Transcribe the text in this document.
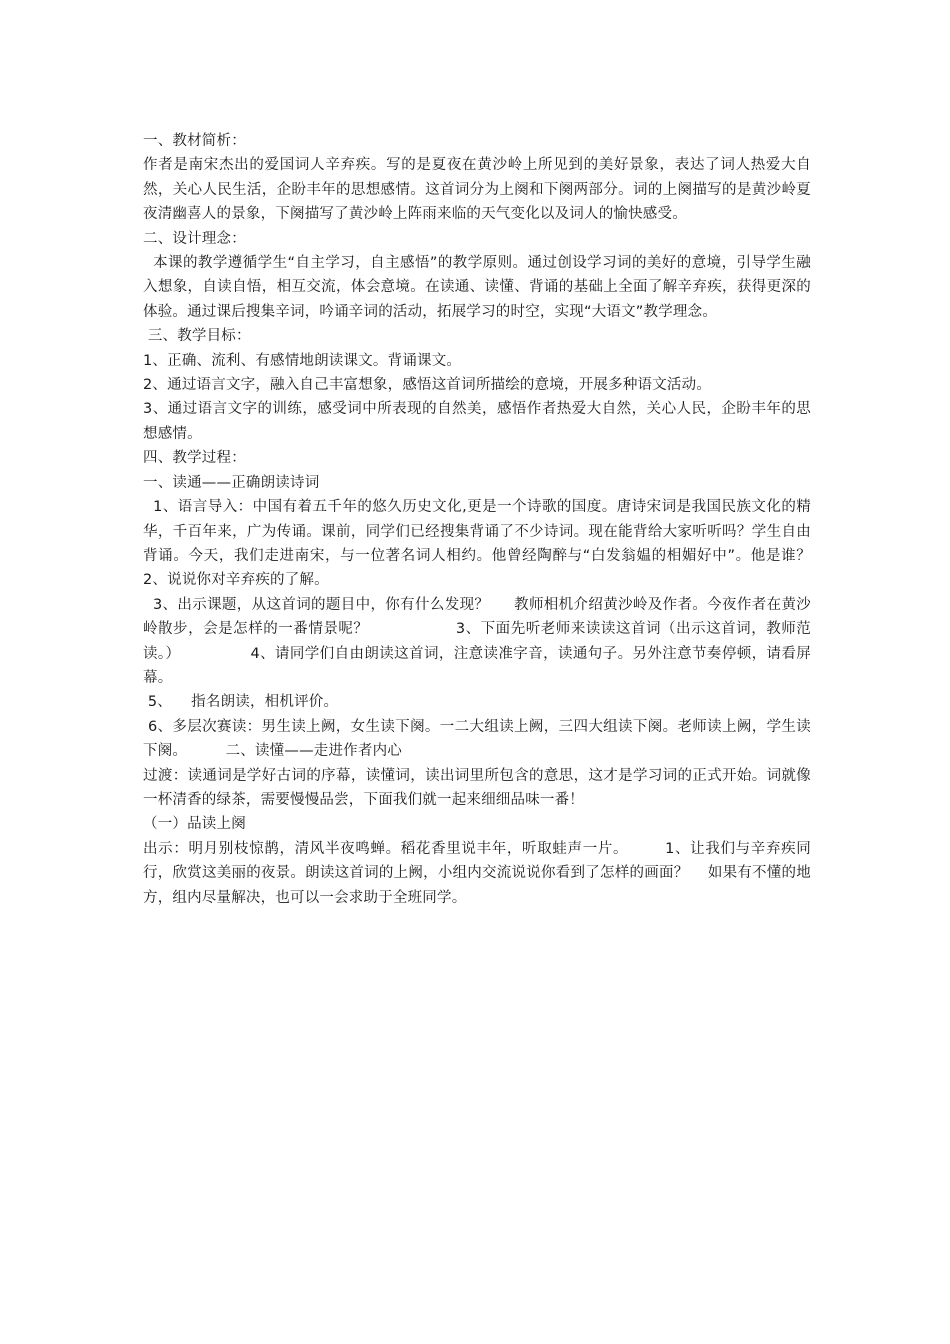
一、教材简析：

作者是南宋杰出的爱国词人辛弃疾。写的是夏夜在黄沙岭上所见到的美好景象，表达了词人热爱大自然，关心人民生活，企盼丰年的思想感情。这首词分为上阕和下阕两部分。词的上阕描写的是黄沙岭夏夜清幽喜人的景象，下阕描写了黄沙岭上阵雨来临的天气变化以及词人的愉快感受。

二、设计理念：

本课的教学遵循学生“自主学习，自主感悟”的教学原则。通过创设学习词的美好的意境，引导学生融入想象，自读自悟，相互交流，体会意境。在读通、读懂、背诵的基础上全面了解辛弃疾，获得更深的体验。通过课后搜集辛词，吟诵辛词的活动，拓展学习的时空，实现“大语文”教学理念。

三、教学目标：

1、正确、流利、有感情地朗读课文。背诵课文。

2、通过语言文字，融入自己丰富想象，感悟这首词所描绘的意境，开展多种语文活动。

3、通过语言文字的训练，感受词中所表现的自然美，感悟作者热爱大自然，关心人民，企盼丰年的思想感情。

四、教学过程：

一、读通——正确朗读诗词

1、语言导入：中国有着五千年的悠久历史文化,更是一个诗歌的国度。唐诗宋词是我国民族文化的精华，千百年来，广为传诵。课前，同学们已经搜集背诵了不少诗词。现在能背给大家听听吗？学生自由背诵。今天，我们走进南宋，与一位著名词人相约。他曾经陶醉与“白发翁媪的相媚好中”。他是谁？    2、说说你对辛弃疾的了解。

3、出示课题，从这首词的题目中，你有什么发现？     教师相机介绍黄沙岭及作者。今夜作者在黄沙岭散步，会是怎样的一番情景呢？                 3、下面先听老师来读读这首词（出示这首词，教师范读。）              4、请同学们自由朗读这首词，注意读准字音，读通句子。另外注意节奏停顿，请看屏幕。

5、    指名朗读，相机评价。

6、多层次赛读：男生读上阙，女生读下阕。一二大组读上阙，三四大组读下阕。老师读上阙，学生读下阕。        二、读懂——走进作者内心

过渡：读通词是学好古词的序幕，读懂词，读出词里所包含的意思，这才是学习词的正式开始。词就像一杯清香的绿茶，需要慢慢品尝，下面我们就一起来细细品味一番！

（一）品读上阕

出示：明月别枝惊鹊，清风半夜鸣蝉。稻花香里说丰年，听取蛙声一片。       1、让我们与辛弃疾同行，欣赏这美丽的夜景。朗读这首词的上阙，小组内交流说说你看到了怎样的画面？    如果有不懂的地方，组内尽量解决，也可以一会求助于全班同学。
